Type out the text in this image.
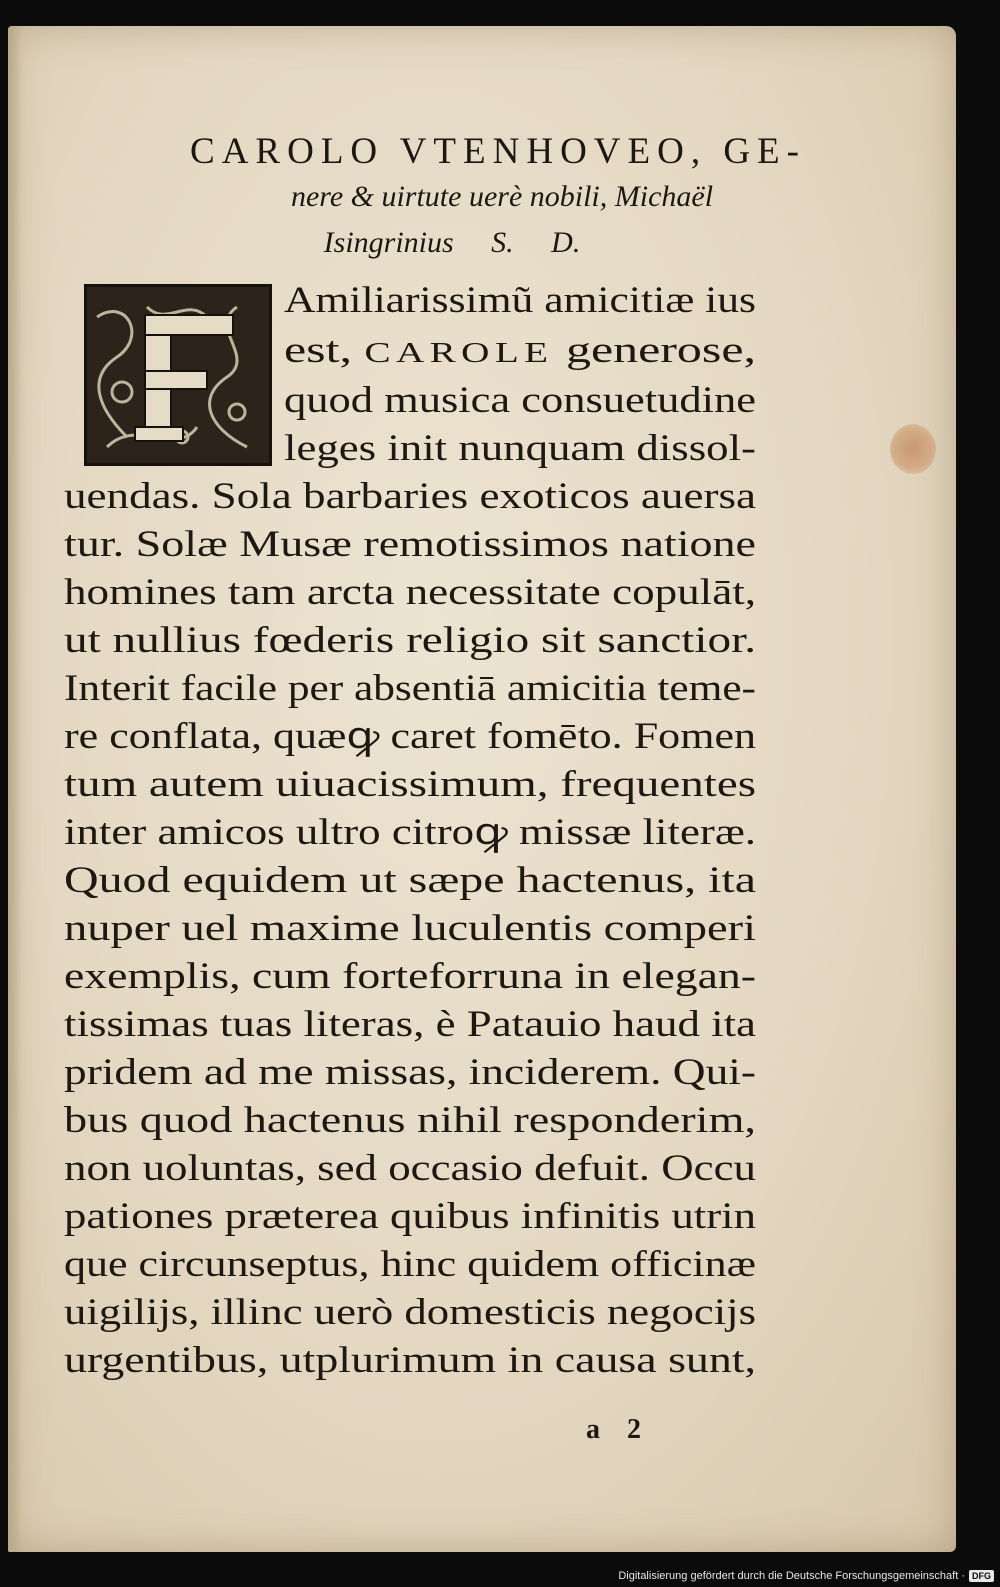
CAROLO VTENHOVEO, GE-
nere & uirtute uerè nobili, Michaël
Isingrinius S. D.
Amiliarissimũ amicitiæ ius
est, CAROLE generose,
quod musica consuetudine
leges init nunquam dissol-
uendas. Sola barbaries exoticos auersa
tur. Solæ Musæ remotissimos natione
homines tam arcta necessitate copulāt,
ut nullius fœderis religio sit sanctior.
Interit facile per absentiā amicitia teme-
re conflata, quæꝙ caret fomēto. Fomen
tum autem uiuacissimum, frequentes
inter amicos ultro citroꝙ missæ literæ.
Quod equidem ut sæpe hactenus, ita
nuper uel maxime luculentis comperi
exemplis, cum forteforruna in elegan-
tissimas tuas literas, è Patauio haud ita
pridem ad me missas, inciderem. Qui-
bus quod hactenus nihil responderim,
non uoluntas, sed occasio defuit. Occu
pationes præterea quibus infinitis utrin
que circunseptus, hinc quidem officinæ
uigilijs, illinc uerò domesticis negocijs
urgentibus, utplurimum in causa sunt,
a 2
Digitalisierung gefördert durch die Deutsche Forschungsgemeinschaft · DFG
